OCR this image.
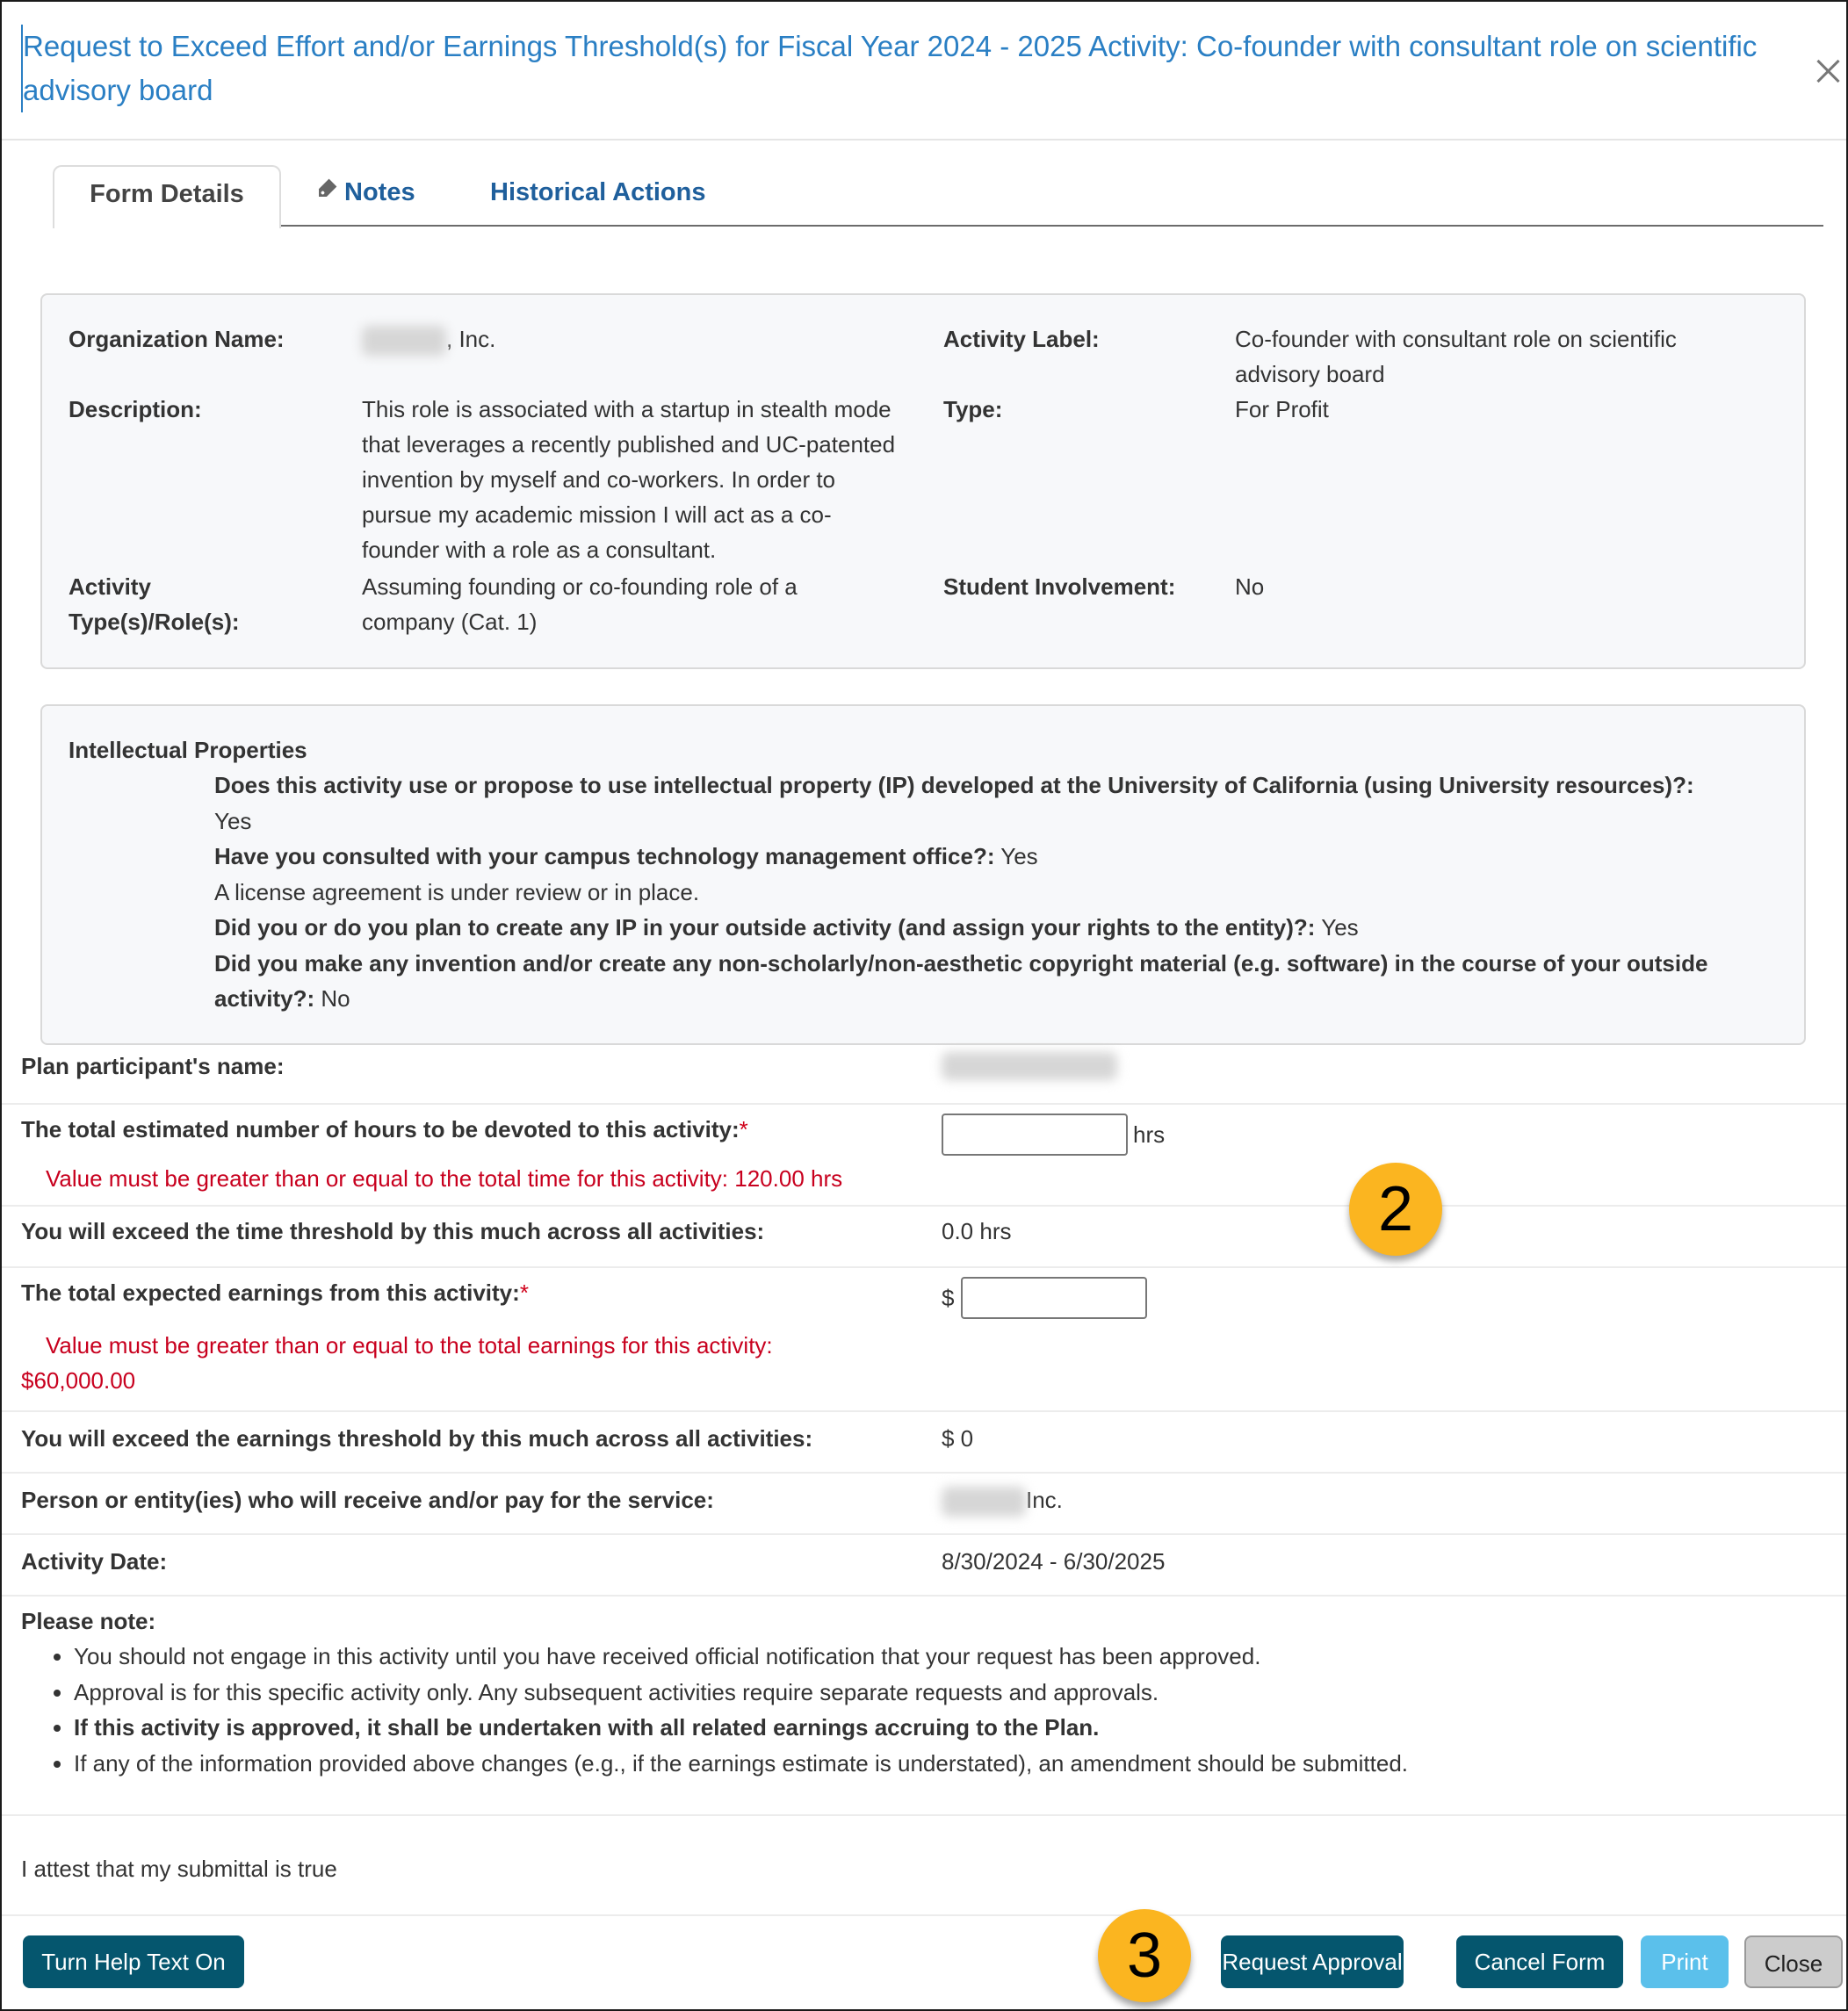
Request to Exceed Effort and/or Earnings Threshold(s) for Fiscal Year 2024 - 2025 Activity: Co-founder with consultant role on scientific advisory board
Form Details	Notes	Historical Actions
Organization Name:	, Inc.
Description:	This role is associated with a startup in stealth mode that leverages a recently published and UC-patented invention by myself and co-workers. In order to pursue my academic mission I will act as a co-founder with a role as a consultant.
Activity Type(s)/Role(s):
Assuming founding or co-founding role of a company (Cat. 1)
Activity Label:	Co-founder with consultant role on scientific advisory board
Type:	For Profit
Student Involvement:	No
Intellectual Properties
Does this activity use or propose to use intellectual property (IP) developed at the University of California (using University resources)?:
Yes
Have you consulted with your campus technology management office?: Yes
A license agreement is under review or in place.
Did you or do you plan to create any IP in your outside activity (and assign your rights to the entity)?: Yes
Did you make any invention and/or create any non-scholarly/non-aesthetic copyright material (e.g. software) in the course of your outside activity?: No
Plan participant's name:
The total estimated number of hours to be devoted to this activity:*	hrs
Value must be greater than or equal to the total time for this activity: 120.00 hrs
You will exceed the time threshold by this much across all activities:	0.0 hrs
The total expected earnings from this activity:*	$
Value must be greater than or equal to the total earnings for this activity: $60,000.00
You will exceed the earnings threshold by this much across all activities:	$ 0
Person or entity(ies) who will receive and/or pay for the service:	Inc.
Activity Date:	8/30/2024 - 6/30/2025
Please note:
• You should not engage in this activity until you have received official notification that your request has been approved.
• Approval is for this specific activity only. Any subsequent activities require separate requests and approvals.
• If this activity is approved, it shall be undertaken with all related earnings accruing to the Plan.
• If any of the information provided above changes (e.g., if the earnings estimate is understated), an amendment should be submitted.
I attest that my submittal is true
Turn Help Text On	Request Approval	Cancel Form	Print	Close
2
3
